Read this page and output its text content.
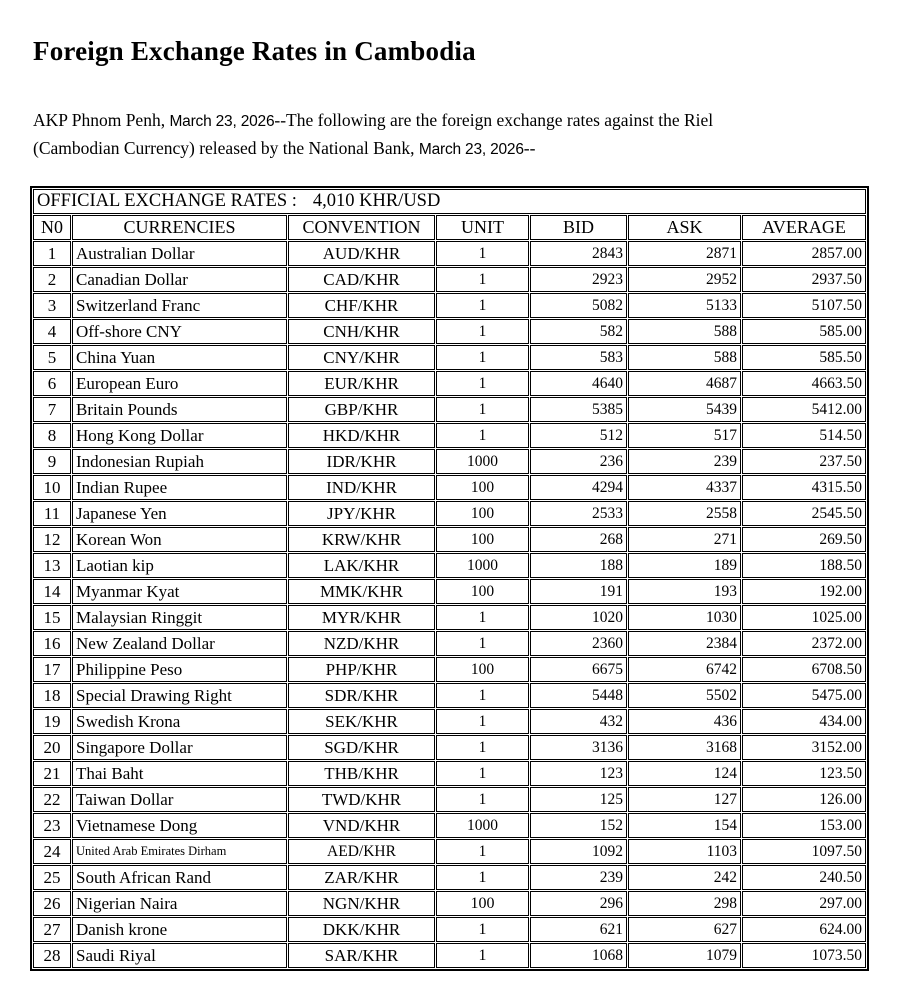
Foreign Exchange Rates in Cambodia
AKP Phnom Penh, March 23, 2026--The following are the foreign exchange rates against the Riel
(Cambodian Currency) released by the National Bank, March 23, 2026--
OFFICIAL EXCHANGE RATES : 4,010 KHR/USD						
N0	CURRENCIES	CONVENTION	UNIT	BID	ASK	AVERAGE
1	Australian Dollar	AUD/KHR	1	2843	2871	2857.00
2	Canadian Dollar	CAD/KHR	1	2923	2952	2937.50
3	Switzerland Franc	CHF/KHR	1	5082	5133	5107.50
4	Off-shore CNY	CNH/KHR	1	582	588	585.00
5	China Yuan	CNY/KHR	1	583	588	585.50
6	European Euro	EUR/KHR	1	4640	4687	4663.50
7	Britain Pounds	GBP/KHR	1	5385	5439	5412.00
8	Hong Kong Dollar	HKD/KHR	1	512	517	514.50
9	Indonesian Rupiah	IDR/KHR	1000	236	239	237.50
10	Indian Rupee	IND/KHR	100	4294	4337	4315.50
11	Japanese Yen	JPY/KHR	100	2533	2558	2545.50
12	Korean Won	KRW/KHR	100	268	271	269.50
13	Laotian kip	LAK/KHR	1000	188	189	188.50
14	Myanmar Kyat	MMK/KHR	100	191	193	192.00
15	Malaysian Ringgit	MYR/KHR	1	1020	1030	1025.00
16	New Zealand Dollar	NZD/KHR	1	2360	2384	2372.00
17	Philippine Peso	PHP/KHR	100	6675	6742	6708.50
18	Special Drawing Right	SDR/KHR	1	5448	5502	5475.00
19	Swedish Krona	SEK/KHR	1	432	436	434.00
20	Singapore Dollar	SGD/KHR	1	3136	3168	3152.00
21	Thai Baht	THB/KHR	1	123	124	123.50
22	Taiwan Dollar	TWD/KHR	1	125	127	126.00
23	Vietnamese Dong	VND/KHR	1000	152	154	153.00
24	United Arab Emirates Dirham	AED/KHR	1	1092	1103	1097.50
25	South African Rand	ZAR/KHR	1	239	242	240.50
26	Nigerian Naira	NGN/KHR	100	296	298	297.00
27	Danish krone	DKK/KHR	1	621	627	624.00
28	Saudi Riyal	SAR/KHR	1	1068	1079	1073.50
